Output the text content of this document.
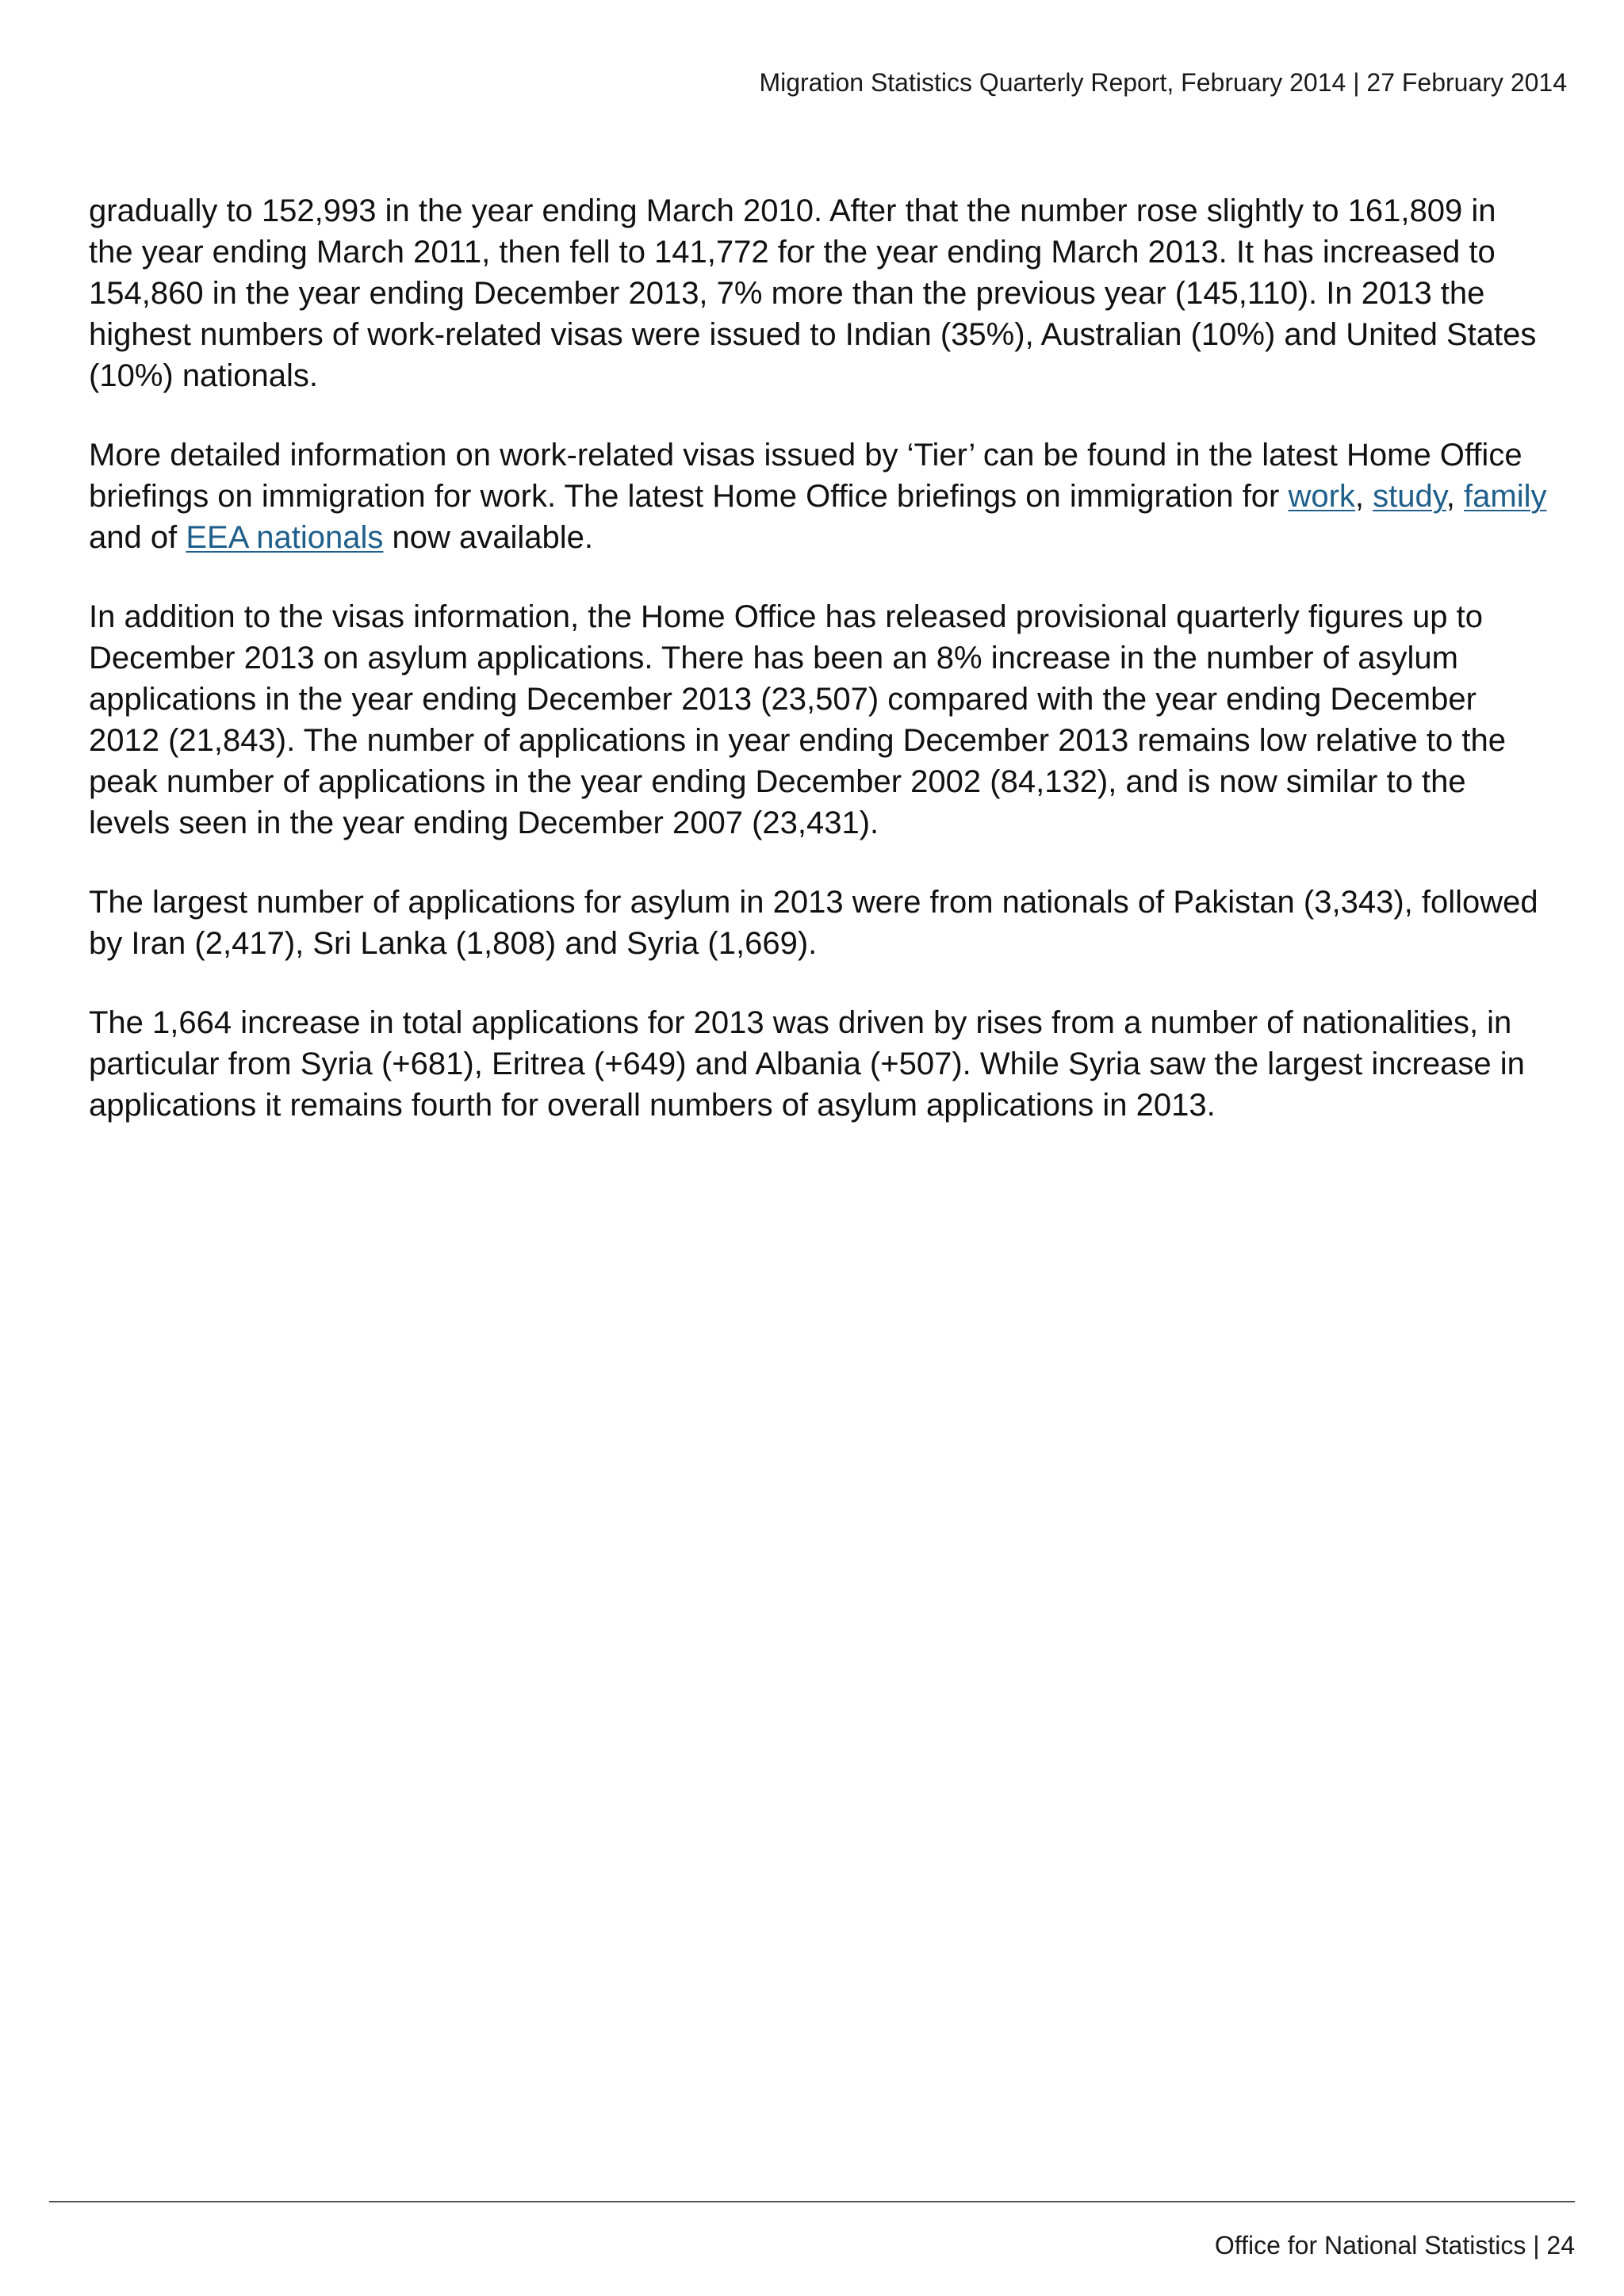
Migration Statistics Quarterly Report, February 2014 | 27 February 2014

gradually to 152,993 in the year ending March 2010. After that the number rose slightly to 161,809 in the year ending March 2011, then fell to 141,772 for the year ending March 2013. It has increased to 154,860 in the year ending December 2013, 7% more than the previous year (145,110). In 2013 the highest numbers of work-related visas were issued to Indian (35%), Australian (10%) and United States (10%) nationals.

More detailed information on work-related visas issued by ‘Tier’ can be found in the latest Home Office briefings on immigration for work. The latest Home Office briefings on immigration for work, study, family and of EEA nationals now available.

In addition to the visas information, the Home Office has released provisional quarterly figures up to December 2013 on asylum applications. There has been an 8% increase in the number of asylum applications in the year ending December 2013 (23,507) compared with the year ending December 2012 (21,843). The number of applications in year ending December 2013 remains low relative to the peak number of applications in the year ending December 2002 (84,132), and is now similar to the levels seen in the year ending December 2007 (23,431).

The largest number of applications for asylum in 2013 were from nationals of Pakistan (3,343), followed by Iran (2,417), Sri Lanka (1,808) and Syria (1,669).

The 1,664 increase in total applications for 2013 was driven by rises from a number of nationalities, in particular from Syria (+681), Eritrea (+649) and Albania (+507). While Syria saw the largest increase in applications it remains fourth for overall numbers of asylum applications in 2013.

Office for National Statistics | 24
